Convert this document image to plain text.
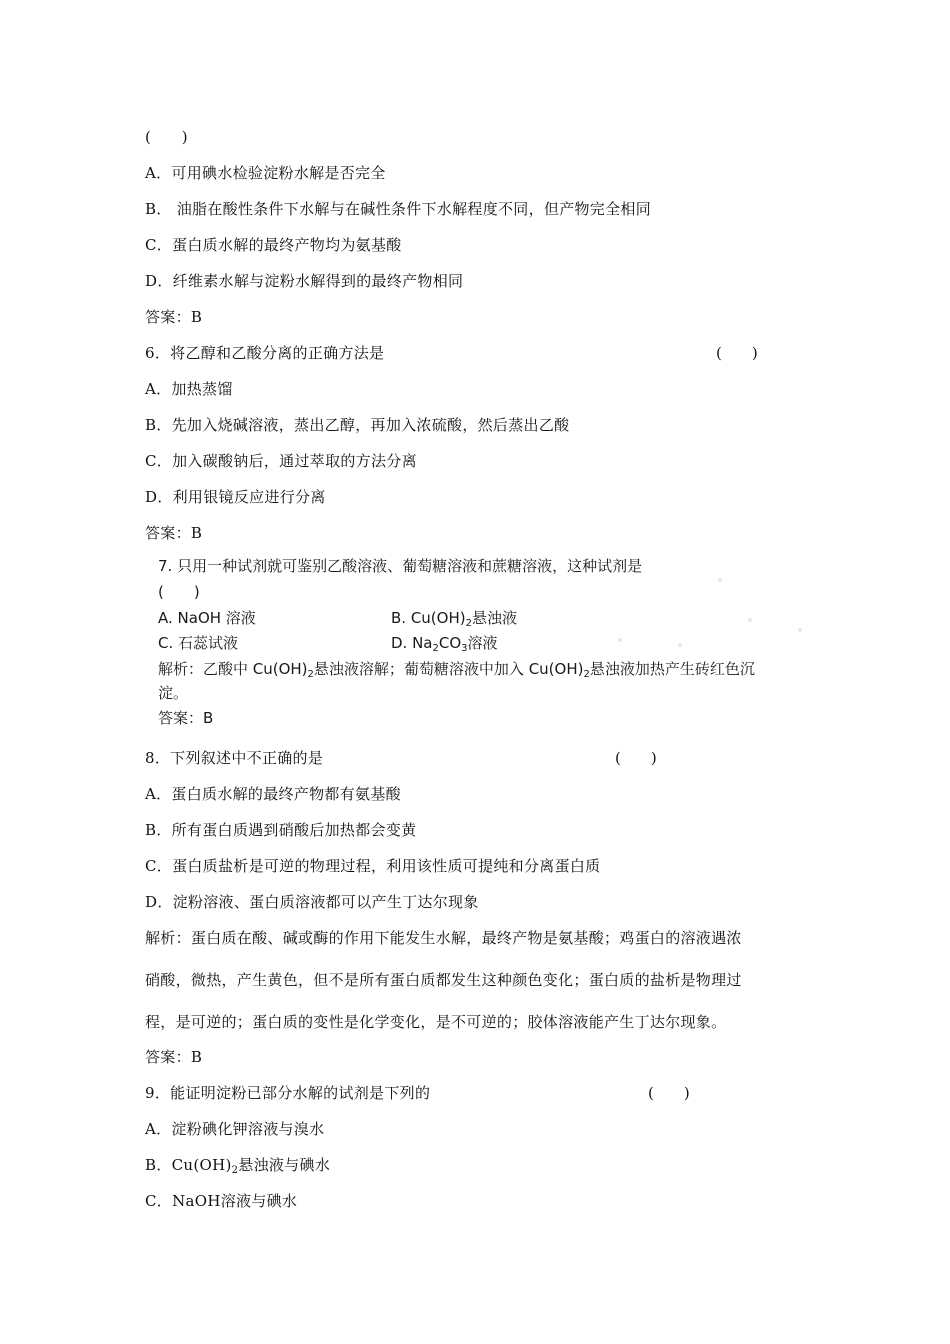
(　　)
A．可用碘水检验淀粉水解是否完全
B． 油脂在酸性条件下水解与在碱性条件下水解程度不同，但产物完全相同
C．蛋白质水解的最终产物均为氨基酸
D．纤维素水解与淀粉水解得到的最终产物相同
答案：B
6．将乙醇和乙酸分离的正确方法是	(　　)
A．加热蒸馏
B．先加入烧碱溶液，蒸出乙醇，再加入浓硫酸，然后蒸出乙酸
C．加入碳酸钠后，通过萃取的方法分离
D．利用银镜反应进行分离
答案：B
7. 只用一种试剂就可鉴别乙酸溶液、葡萄糖溶液和蔗糖溶液，这种试剂是
(　　)
A. NaOH 溶液	B. $Cu(OH)_2$悬浊液
C. 石蕊试液	D. $Na_2CO_3$溶液
解析：乙酸中 $Cu(OH)_2$悬浊液溶解；葡萄糖溶液中加入 $Cu(OH)_2$悬浊液加热产生砖红色沉
淀。
答案：B
8．下列叙述中不正确的是	(　　)
A．蛋白质水解的最终产物都有氨基酸
B．所有蛋白质遇到硝酸后加热都会变黄
C．蛋白质盐析是可逆的物理过程，利用该性质可提纯和分离蛋白质
D．淀粉溶液、蛋白质溶液都可以产生丁达尔现象
解析：蛋白质在酸、碱或酶的作用下能发生水解，最终产物是氨基酸；鸡蛋白的溶液遇浓
硝酸，微热，产生黄色，但不是所有蛋白质都发生这种颜色变化；蛋白质的盐析是物理过
程，是可逆的；蛋白质的变性是化学变化，是不可逆的；胶体溶液能产生丁达尔现象。
答案：B
9．能证明淀粉已部分水解的试剂是下列的	(　　)
A．淀粉碘化钾溶液与溴水
B．$Cu(OH)_2$悬浊液与碘水
C．NaOH溶液与碘水
